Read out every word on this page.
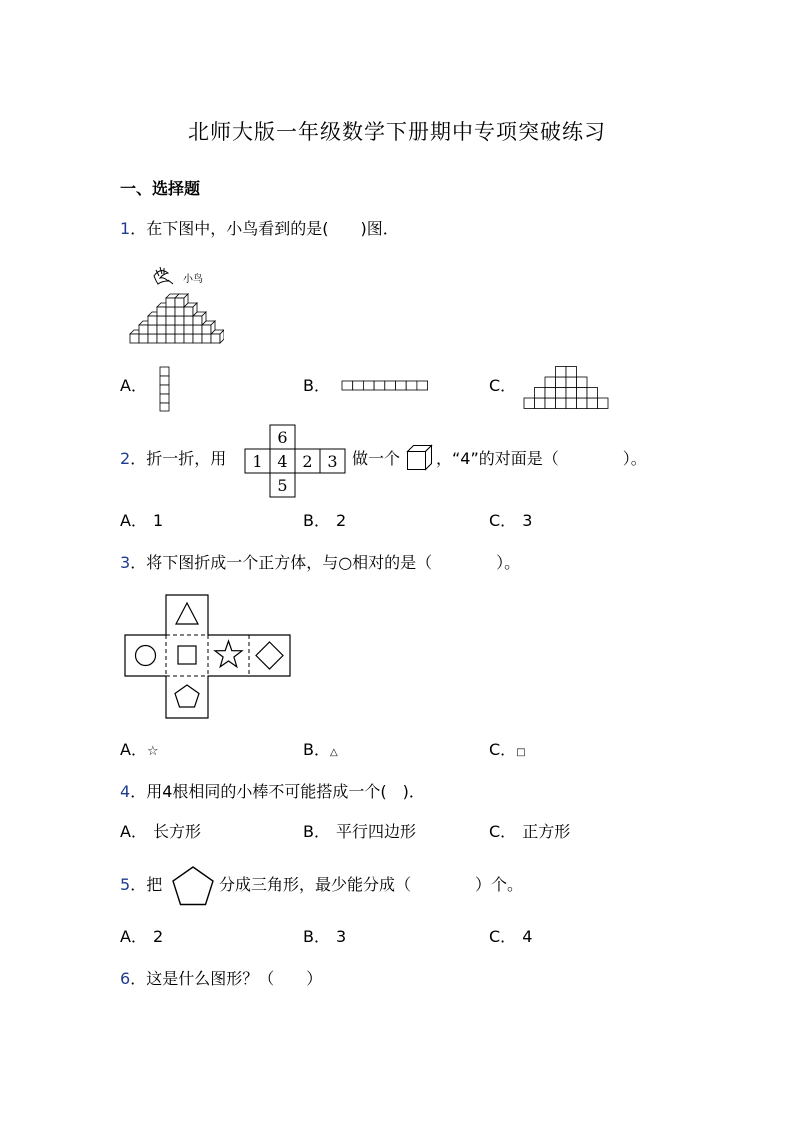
北师大版一年级数学下册期中专项突破练习
一、选择题
1．在下图中，小鸟看到的是(　　)图．
小鸟
A．	B．	C．
2．折一折，用
6
1 4 2 3
5
做一个 ，“4”的对面是（　　　　）。
A． 1	B． 2	C． 3
3．将下图折成一个正方体，与○相对的是（　　　　）。
A．☆	B．△	C．□
4．用4根相同的小棒不可能搭成一个(　)．
A． 长方形	B． 平行四边形	C． 正方形
5．把	分成三角形，最少能分成（　　　　）个。
A． 2	B． 3	C． 4
6．这是什么图形？（　　）
